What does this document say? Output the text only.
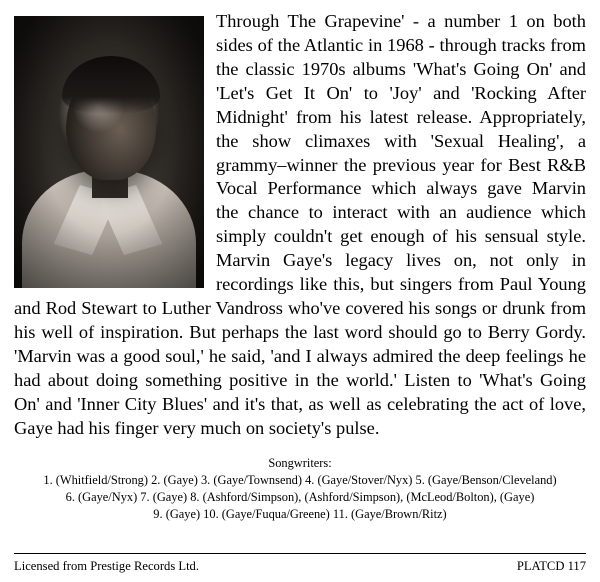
Through The Grapevine' - a number 1 on both sides of the Atlantic in 1968 - through tracks from the classic 1970s albums 'What's Going On' and 'Let's Get It On' to 'Joy' and 'Rocking After Midnight' from his latest release. Appropriately, the show climaxes with 'Sexual Healing', a grammy–winner the previous year for Best R&B Vocal Performance which always gave Marvin the chance to interact with an audience which simply couldn't get enough of his sensual style. Marvin Gaye's legacy lives on, not only in recordings like this, but singers from Paul Young and Rod Stewart to Luther Vandross who've covered his songs or drunk from his well of inspiration. But perhaps the last word should go to Berry Gordy. 'Marvin was a good soul,' he said, 'and I always admired the deep feelings he had about doing something positive in the world.' Listen to 'What's Going On' and 'Inner City Blues' and it's that, as well as celebrating the act of love, Gaye had his finger very much on society's pulse.

Songwriters:
1. (Whitfield/Strong) 2. (Gaye) 3. (Gaye/Townsend) 4. (Gaye/Stover/Nyx) 5. (Gaye/Benson/Cleveland)
6. (Gaye/Nyx) 7. (Gaye) 8. (Ashford/Simpson), (Ashford/Simpson), (McLeod/Bolton), (Gaye)
9. (Gaye) 10. (Gaye/Fuqua/Greene) 11. (Gaye/Brown/Ritz)
Licensed from Prestige Records Ltd.	PLATCD 117
